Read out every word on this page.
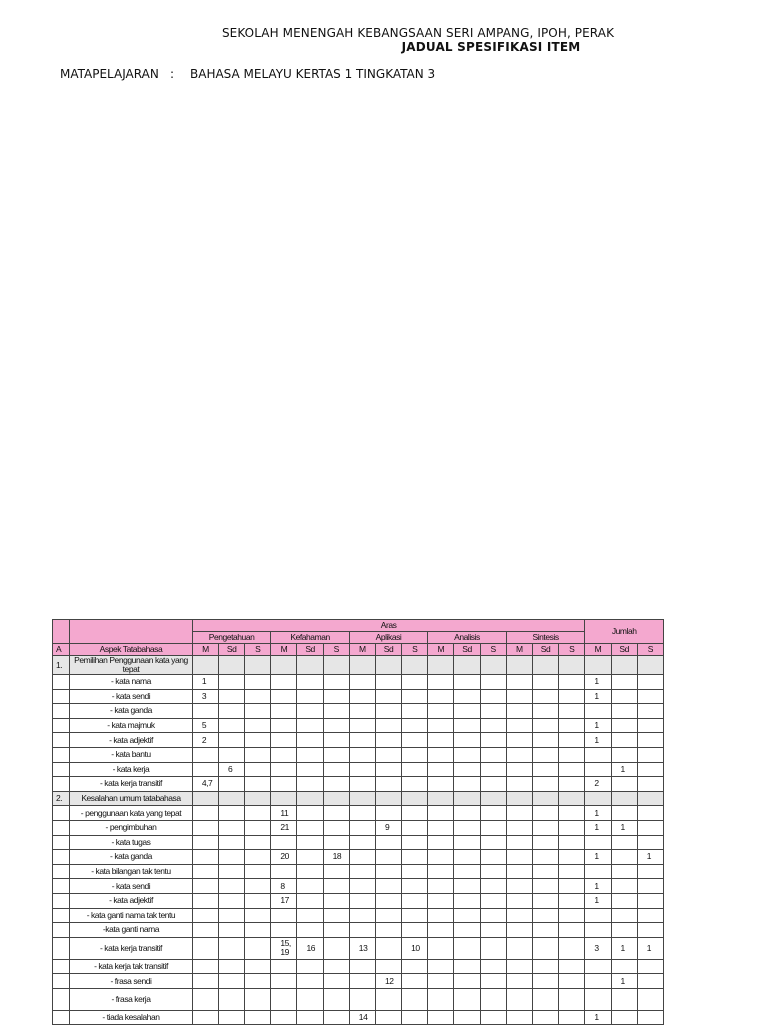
SEKOLAH MENENGAH KEBANGSAAN SERI AMPANG, IPOH, PERAK
JADUAL SPESIFIKASI ITEM
MATAPELAJARAN : BAHASA MELAYU KERTAS 1 TINGKATAN 3
		Aras															Jumlah		
		Pengetahuan			Kefahaman			Aplikasi			Analisis			Sintesis					
A	Aspek Tatabahasa	M	Sd	S	M	Sd	S	M	Sd	S	M	Sd	S	M	Sd	S	M	Sd	S
1.	Pemilihan Penggunaan kata yang tepat																		
	- kata nama	1															1		
	- kata sendi	3															1		
	- kata ganda																		
	- kata majmuk	5															1		
	- kata adjektif	2															1		
	- kata bantu																		
	- kata kerja		6															1	
	- kata kerja transitif	4,7															2		
2.	Kesalahan umum tatabahasa																		
	- penggunaan kata yang tepat				11												1		
	- pengimbuhan				21				9								1	1	
	- kata tugas																		
	- kata ganda				20		18										1		1
	- kata bilangan tak tentu																		
	- kata sendi				8												1		
	- kata adjektif				17												1		
	- kata ganti nama tak tentu																		
	-kata ganti nama																		
	- kata kerja transitif				15, 19	16		13		10							3	1	1
	- kata kerja tak transitif																		
	- frasa sendi								12									1	
	- frasa kerja																		
	- tiada kesalahan							14									1		
